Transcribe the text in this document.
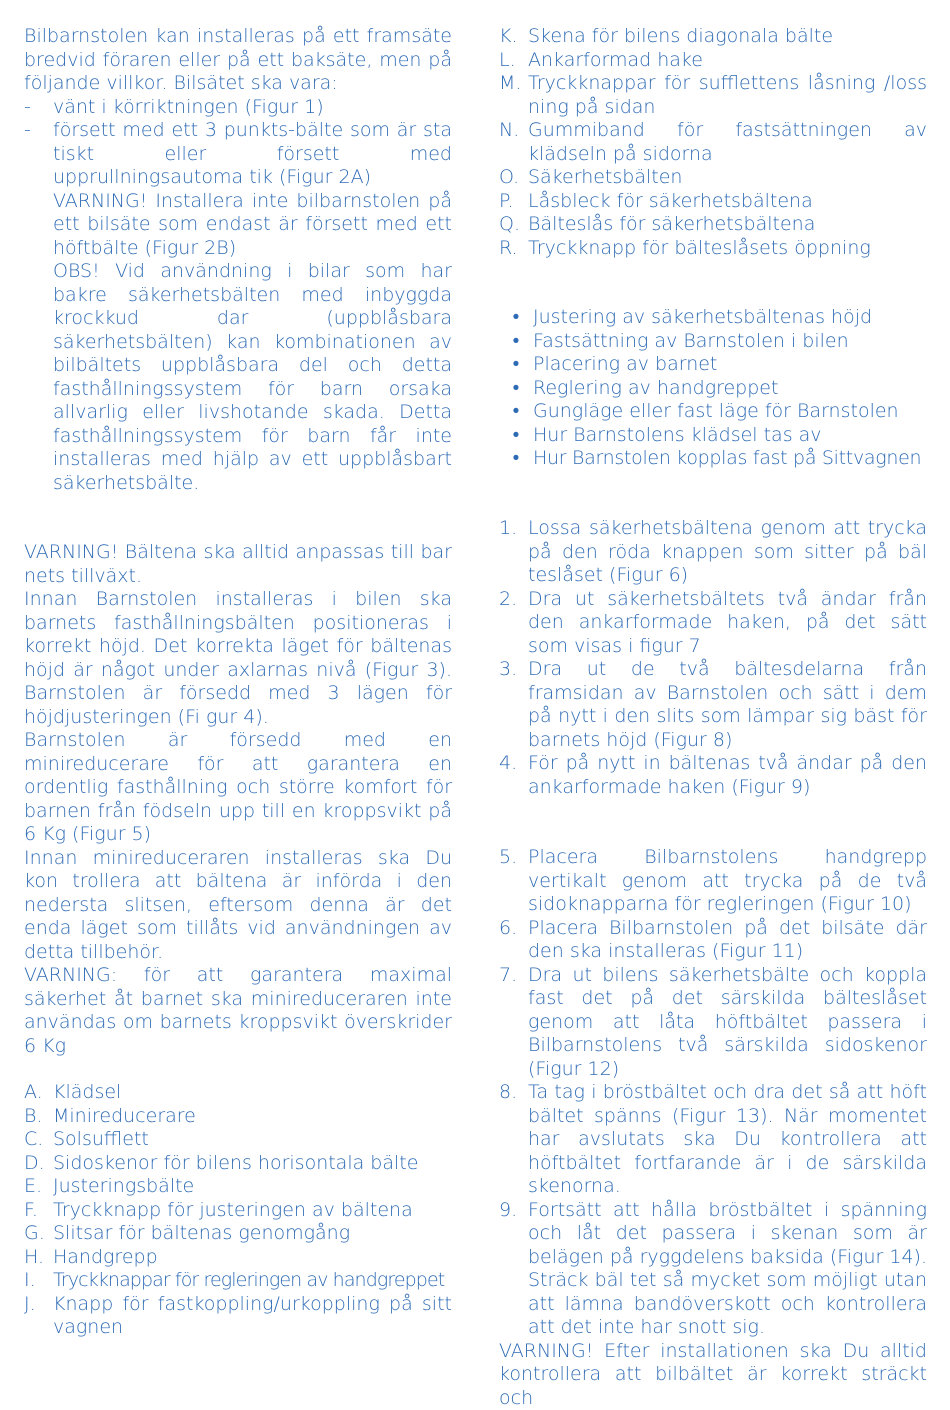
Bilbarnstolen kan installeras på ett framsäte bredvid föraren eller på ett baksäte, men på följande villkor. Bilsätet ska vara:

-	vänt i körriktningen (Figur 1)
-	försett med ett 3 punkts-bälte som är sta tiskt eller försett med upprullningsautoma tik (Figur 2A)
VARNING! Installera inte bilbarnstolen på ett bilsäte som endast är försett med ett höftbälte (Figur 2B)
OBS! Vid användning i bilar som har bakre säkerhetsbälten med inbyggda krockkud dar (uppblåsbara säkerhetsbälten) kan kombinationen av bilbältets uppblåsbara del och detta fasthållningssystem för barn orsaka allvarlig eller livshotande skada. Detta fasthållningssystem för barn får inte installeras med hjälp av ett uppblåsbart säkerhetsbälte.

VARNING! Bältena ska alltid anpassas till bar nets tillväxt.

Innan Barnstolen installeras i bilen ska barnets fasthållningsbälten positioneras i korrekt höjd. Det korrekta läget för bältenas höjd är något under axlarnas nivå (Figur 3). Barnstolen är försedd med 3 lägen för höjdjusteringen (Fi gur 4).

Barnstolen är försedd med en minireducerare för att garantera en ordentlig fasthållning och större komfort för barnen från födseln upp till en kroppsvikt på 6 Kg (Figur 5)

Innan minireduceraren installeras ska Du kon trollera att bältena är införda i den nedersta slitsen, eftersom denna är det enda läget som tillåts vid användningen av detta tillbehör.

VARNING: för att garantera maximal säkerhet åt barnet ska minireduceraren inte användas om barnets kroppsvikt överskrider 6 Kg

A. Klädsel
B. Minireducerare
C. Solsufflett
D. Sidoskenor för bilens horisontala bälte
E. Justeringsbälte
F. Tryckknapp för justeringen av bältena
G. Slitsar för bältenas genomgång
H. Handgrepp
I. Tryckknappar för regleringen av handgreppet
J. Knapp för fastkoppling/urkoppling på sitt vagnen
K. Skena för bilens diagonala bälte
L. Ankarformad hake
M. Tryckknappar för sufflettens låsning /loss ning på sidan
N. Gummiband för fastsättningen av klädseln på sidorna
O. Säkerhetsbälten
P. Låsbleck för säkerhetsbältena
Q. Bälteslås för säkerhetsbältena
R. Tryckknapp för bälteslåsets öppning
• Justering av säkerhetsbältenas höjd
• Fastsättning av Barnstolen i bilen
• Placering av barnet
• Reglering av handgreppet
• Gungläge eller fast läge för Barnstolen
• Hur Barnstolens klädsel tas av
• Hur Barnstolen kopplas fast på Sittvagnen
1. Lossa säkerhetsbältena genom att trycka på den röda knappen som sitter på bäl teslåset (Figur 6)
2. Dra ut säkerhetsbältets två ändar från den ankarformade haken, på det sätt som visas i figur 7
3. Dra ut de två bältesdelarna från framsidan av Barnstolen och sätt i dem på nytt i den slits som lämpar sig bäst för barnets höjd (Figur 8)
4. För på nytt in bältenas två ändar på den ankarformade haken (Figur 9)
5. Placera Bilbarnstolens handgrepp vertikalt genom att trycka på de två sidoknapparna för regleringen (Figur 10)
6. Placera Bilbarnstolen på det bilsäte där den ska installeras (Figur 11)
7. Dra ut bilens säkerhetsbälte och koppla fast det på det särskilda bälteslåset genom att låta höftbältet passera i Bilbarnstolens två särskilda sidoskenor (Figur 12)
8. Ta tag i bröstbältet och dra det så att höft bältet spänns (Figur 13). När momentet har avslutats ska Du kontrollera att höftbältet fortfarande är i de särskilda skenorna.
9. Fortsätt att hålla bröstbältet i spänning och låt det passera i skenan som är belägen på ryggdelens baksida (Figur 14). Sträck bäl tet så mycket som möjligt utan att lämna bandöverskott och kontrollera att det inte har snott sig.

VARNING! Efter installationen ska Du alltid kontrollera att bilbältet är korrekt sträckt och
